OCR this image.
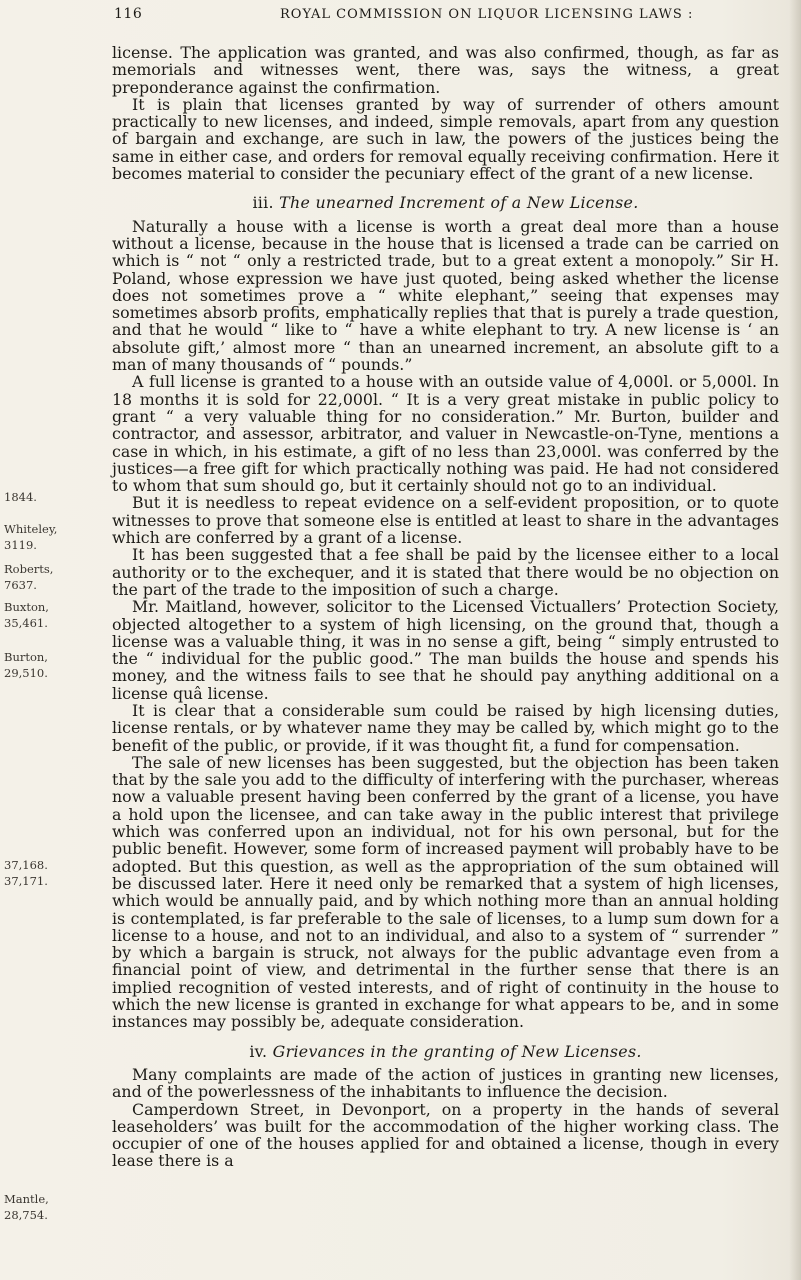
116	ROYAL COMMISSION ON LIQUOR LICENSING LAWS :
1844.
Whiteley,
3119.
Roberts,
7637.
Buxton,
35,461.
Burton,
29,510.
37,168.
37,171.
Mantle,
28,754.

license. The application was granted, and was also confirmed, though, as far as memorials and witnesses went, there was, says the witness, a great preponderance against the confirmation.

It is plain that licenses granted by way of surrender of others amount practically to new licenses, and indeed, simple removals, apart from any question of bargain and exchange, are such in law, the powers of the justices being the same in either case, and orders for removal equally receiving confirmation. Here it becomes material to consider the pecuniary effect of the grant of a new license.

iii. The unearned Increment of a New License.

Naturally a house with a license is worth a great deal more than a house without a license, because in the house that is licensed a trade can be carried on which is “ not “ only a restricted trade, but to a great extent a monopoly.” Sir H. Poland, whose expression we have just quoted, being asked whether the license does not sometimes prove a “ white elephant,” seeing that expenses may sometimes absorb profits, emphatically replies that that is purely a trade question, and that he would “ like to “ have a white elephant to try. A new license is ‘ an absolute gift,’ almost more “ than an unearned increment, an absolute gift to a man of many thousands of “ pounds.”

A full license is granted to a house with an outside value of 4,000l. or 5,000l. In 18 months it is sold for 22,000l. “ It is a very great mistake in public policy to grant “ a very valuable thing for no consideration.” Mr. Burton, builder and contractor, and assessor, arbitrator, and valuer in Newcastle-on-Tyne, mentions a case in which, in his estimate, a gift of no less than 23,000l. was conferred by the justices—a free gift for which practically nothing was paid. He had not considered to whom that sum should go, but it certainly should not go to an individual.

But it is needless to repeat evidence on a self-evident proposition, or to quote witnesses to prove that someone else is entitled at least to share in the advantages which are conferred by a grant of a license.

It has been suggested that a fee shall be paid by the licensee either to a local authority or to the exchequer, and it is stated that there would be no objection on the part of the trade to the imposition of such a charge.

Mr. Maitland, however, solicitor to the Licensed Victuallers’ Protection Society, objected altogether to a system of high licensing, on the ground that, though a license was a valuable thing, it was in no sense a gift, being “ simply entrusted to the “ individual for the public good.” The man builds the house and spends his money, and the witness fails to see that he should pay anything additional on a license quâ license.

It is clear that a considerable sum could be raised by high licensing duties, license rentals, or by whatever name they may be called by, which might go to the benefit of the public, or provide, if it was thought fit, a fund for compensation.

The sale of new licenses has been suggested, but the objection has been taken that by the sale you add to the difficulty of interfering with the purchaser, whereas now a valuable present having been conferred by the grant of a license, you have a hold upon the licensee, and can take away in the public interest that privilege which was conferred upon an individual, not for his own personal, but for the public benefit. However, some form of increased payment will probably have to be adopted. But this question, as well as the appropriation of the sum obtained will be discussed later. Here it need only be remarked that a system of high licenses, which would be annually paid, and by which nothing more than an annual holding is contemplated, is far preferable to the sale of licenses, to a lump sum down for a license to a house, and not to an individual, and also to a system of “ surrender ” by which a bargain is struck, not always for the public advantage even from a financial point of view, and detrimental in the further sense that there is an implied recognition of vested interests, and of right of continuity in the house to which the new license is granted in exchange for what appears to be, and in some instances may possibly be, adequate consideration.

iv. Grievances in the granting of New Licenses.

Many complaints are made of the action of justices in granting new licenses, and of the powerlessness of the inhabitants to influence the decision.

Camperdown Street, in Devonport, on a property in the hands of several leaseholders’ was built for the accommodation of the higher working class. The occupier of one of the houses applied for and obtained a license, though in every lease there is a
